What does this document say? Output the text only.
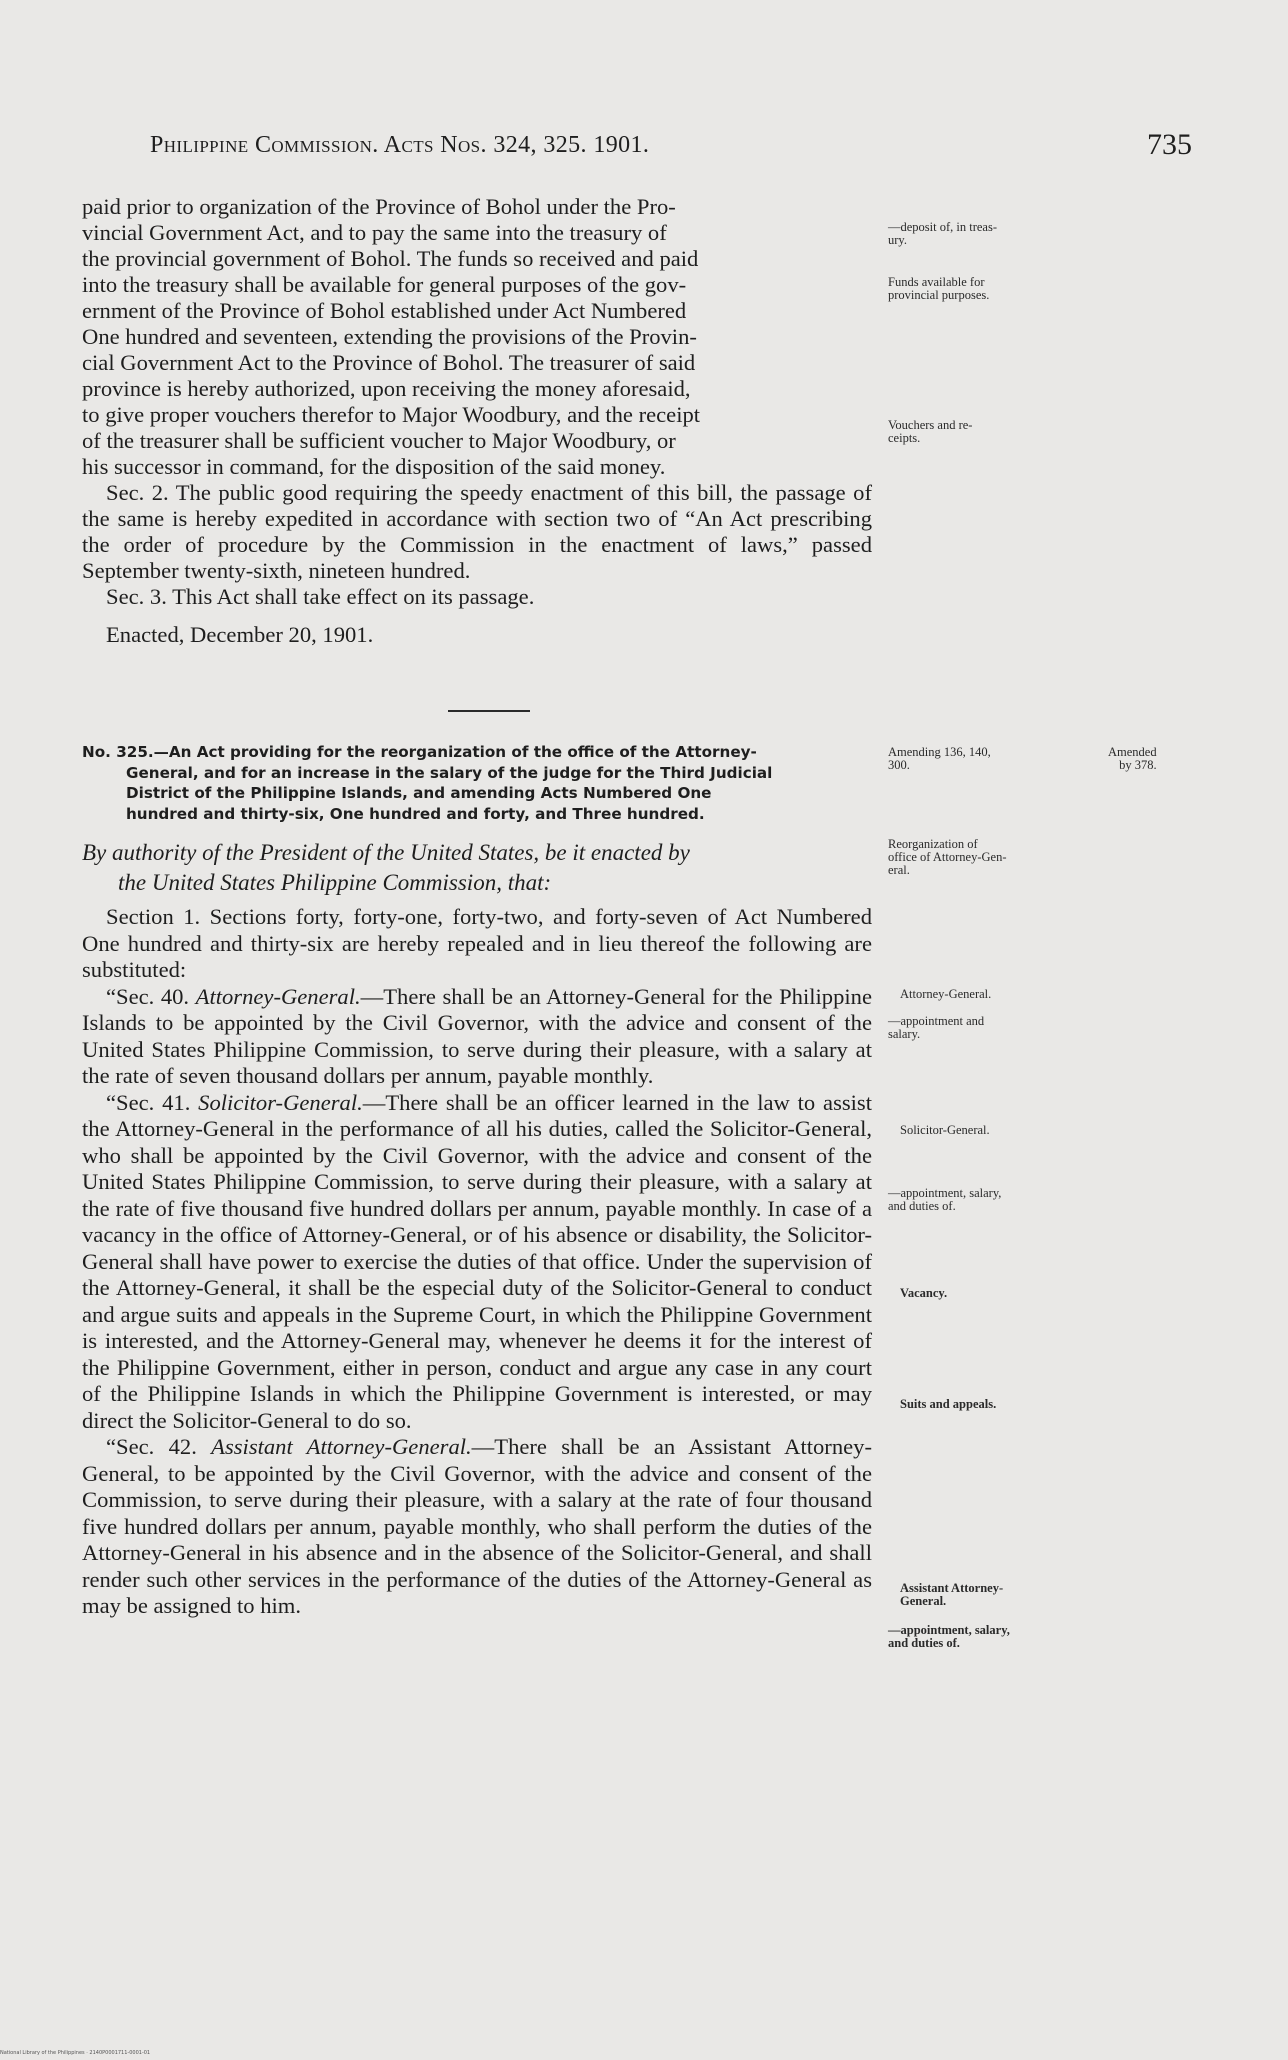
Philippine Commission. Acts Nos. 324, 325. 1901.	735

paid prior to organization of the Province of Bohol under the Pro-

vincial Government Act, and to pay the same into the treasury of

the provincial government of Bohol. The funds so received and paid

into the treasury shall be available for general purposes of the gov-

ernment of the Province of Bohol established under Act Numbered

One hundred and seventeen, extending the provisions of the Provin-

cial Government Act to the Province of Bohol. The treasurer of said

province is hereby authorized, upon receiving the money aforesaid,

to give proper vouchers therefor to Major Woodbury, and the receipt

of the treasurer shall be sufficient voucher to Major Woodbury, or

his successor in command, for the disposition of the said money.

Sec. 2. The public good requiring the speedy enactment of this bill, the passage of the same is hereby expedited in accordance with section two of “An Act prescribing the order of procedure by the Commission in the enactment of laws,” passed September twenty-sixth, nineteen hundred.

Sec. 3. This Act shall take effect on its passage.

Enacted, December 20, 1901.

No. 325.—An Act providing for the reorganization of the office of the Attorney-
General, and for an increase in the salary of the judge for the Third Judicial
District of the Philippine Islands, and amending Acts Numbered One
hundred and thirty-six, One hundred and forty, and Three hundred.
By authority of the President of the United States, be it enacted by
the United States Philippine Commission, that:

Section 1. Sections forty, forty-one, forty-two, and forty-seven of Act Numbered One hundred and thirty-six are hereby repealed and in lieu thereof the following are substituted:

“Sec. 40. Attorney-General.—There shall be an Attorney-General for the Philippine Islands to be appointed by the Civil Governor, with the advice and consent of the United States Philippine Commission, to serve during their pleasure, with a salary at the rate of seven thousand dollars per annum, payable monthly.

“Sec. 41. Solicitor-General.—There shall be an officer learned in the law to assist the Attorney-General in the performance of all his duties, called the Solicitor-General, who shall be appointed by the Civil Governor, with the advice and consent of the United States Philippine Commission, to serve during their pleasure, with a salary at the rate of five thousand five hundred dollars per annum, payable monthly. In case of a vacancy in the office of Attorney-General, or of his absence or disability, the Solicitor-General shall have power to exercise the duties of that office. Under the supervision of the Attorney-General, it shall be the especial duty of the Solicitor-General to conduct and argue suits and appeals in the Supreme Court, in which the Philippine Government is interested, and the Attorney-General may, whenever he deems it for the interest of the Philippine Government, either in person, conduct and argue any case in any court of the Philippine Islands in which the Philippine Government is interested, or may direct the Solicitor-General to do so.

“Sec. 42. Assistant Attorney-General.—There shall be an Assistant Attorney-General, to be appointed by the Civil Governor, with the advice and consent of the Commission, to serve during their pleasure, with a salary at the rate of four thousand five hundred dollars per annum, payable monthly, who shall perform the duties of the Attorney-General in his absence and in the absence of the Solicitor-General, and shall render such other services in the performance of the duties of the Attorney-General as may be assigned to him.

—deposit of, in treas-
ury.
Funds available for
provincial purposes.
Vouchers and re-
ceipts.
Amending 136, 140,
300.
Amended
by 378.
Reorganization of
office of Attorney-Gen-
eral.
Attorney-General.
—appointment and
salary.
Solicitor-General.
—appointment, salary,
and duties of.
Vacancy.
Suits and appeals.
Assistant Attorney-
General.
—appointment, salary,
and duties of.
National Library of the Philippines · 2140P0001711-0001-01
